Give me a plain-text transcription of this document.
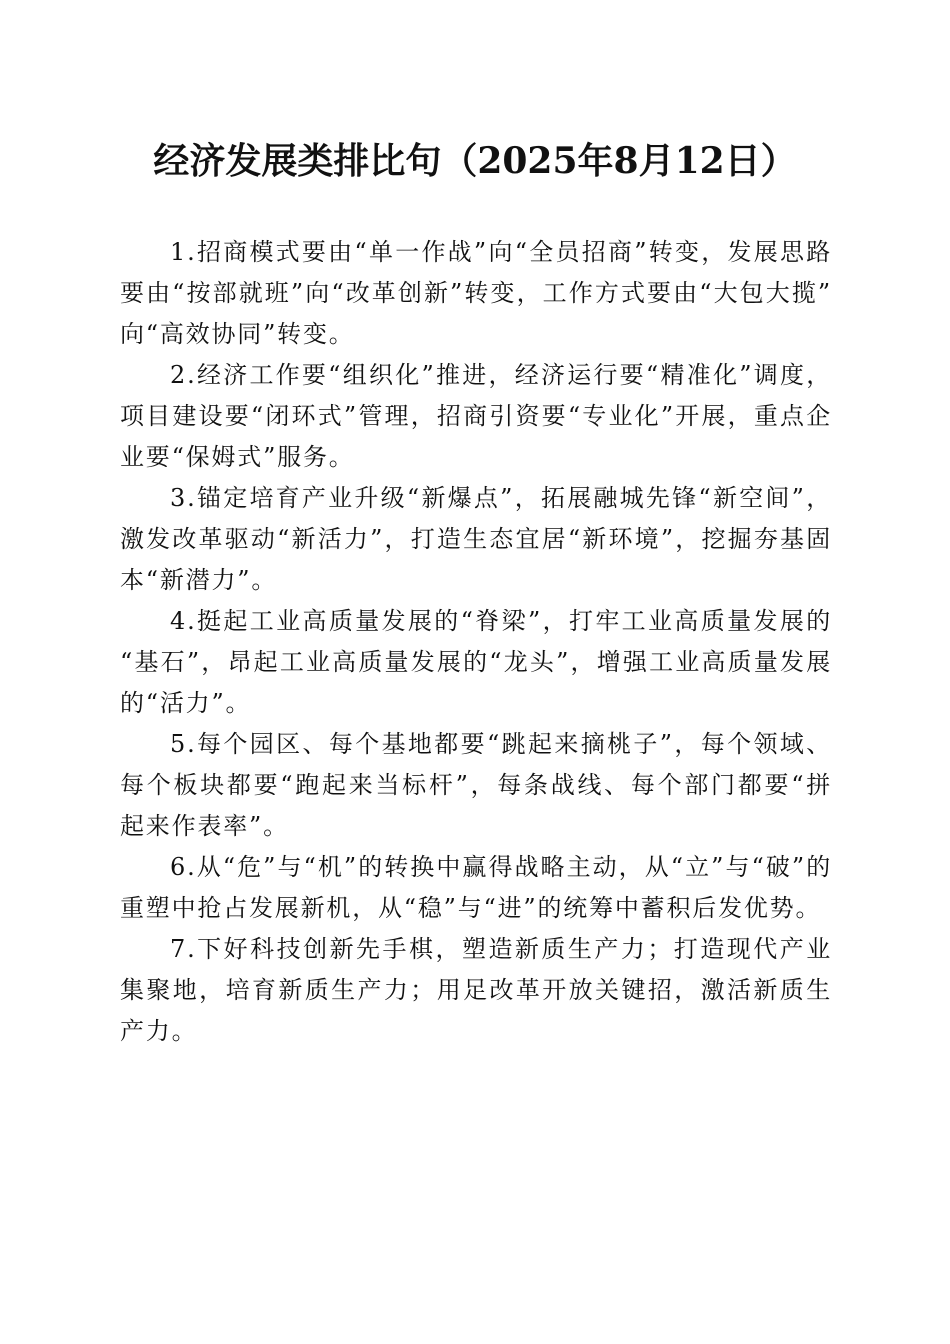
经济发展类排比句（2025年8月12日）

1.招商模式要由“单一作战”向“全员招商”转变，发展思路要由“按部就班”向“改革创新”转变，工作方式要由“大包大揽”向“高效协同”转变。

2.经济工作要“组织化”推进，经济运行要“精准化”调度，项目建设要“闭环式”管理，招商引资要“专业化”开展，重点企业要“保姆式”服务。

3.锚定培育产业升级“新爆点”，拓展融城先锋“新空间”，激发改革驱动“新活力”，打造生态宜居“新环境”，挖掘夯基固本“新潜力”。

4.挺起工业高质量发展的“脊梁”，打牢工业高质量发展的“基石”，昂起工业高质量发展的“龙头”，增强工业高质量发展的“活力”。

5.每个园区、每个基地都要“跳起来摘桃子”，每个领域、每个板块都要“跑起来当标杆”，每条战线、每个部门都要“拼起来作表率”。

6.从“危”与“机”的转换中赢得战略主动，从“立”与“破”的重塑中抢占发展新机，从“稳”与“进”的统筹中蓄积后发优势。

7.下好科技创新先手棋，塑造新质生产力；打造现代产业集聚地，培育新质生产力；用足改革开放关键招，激活新质生产力。
